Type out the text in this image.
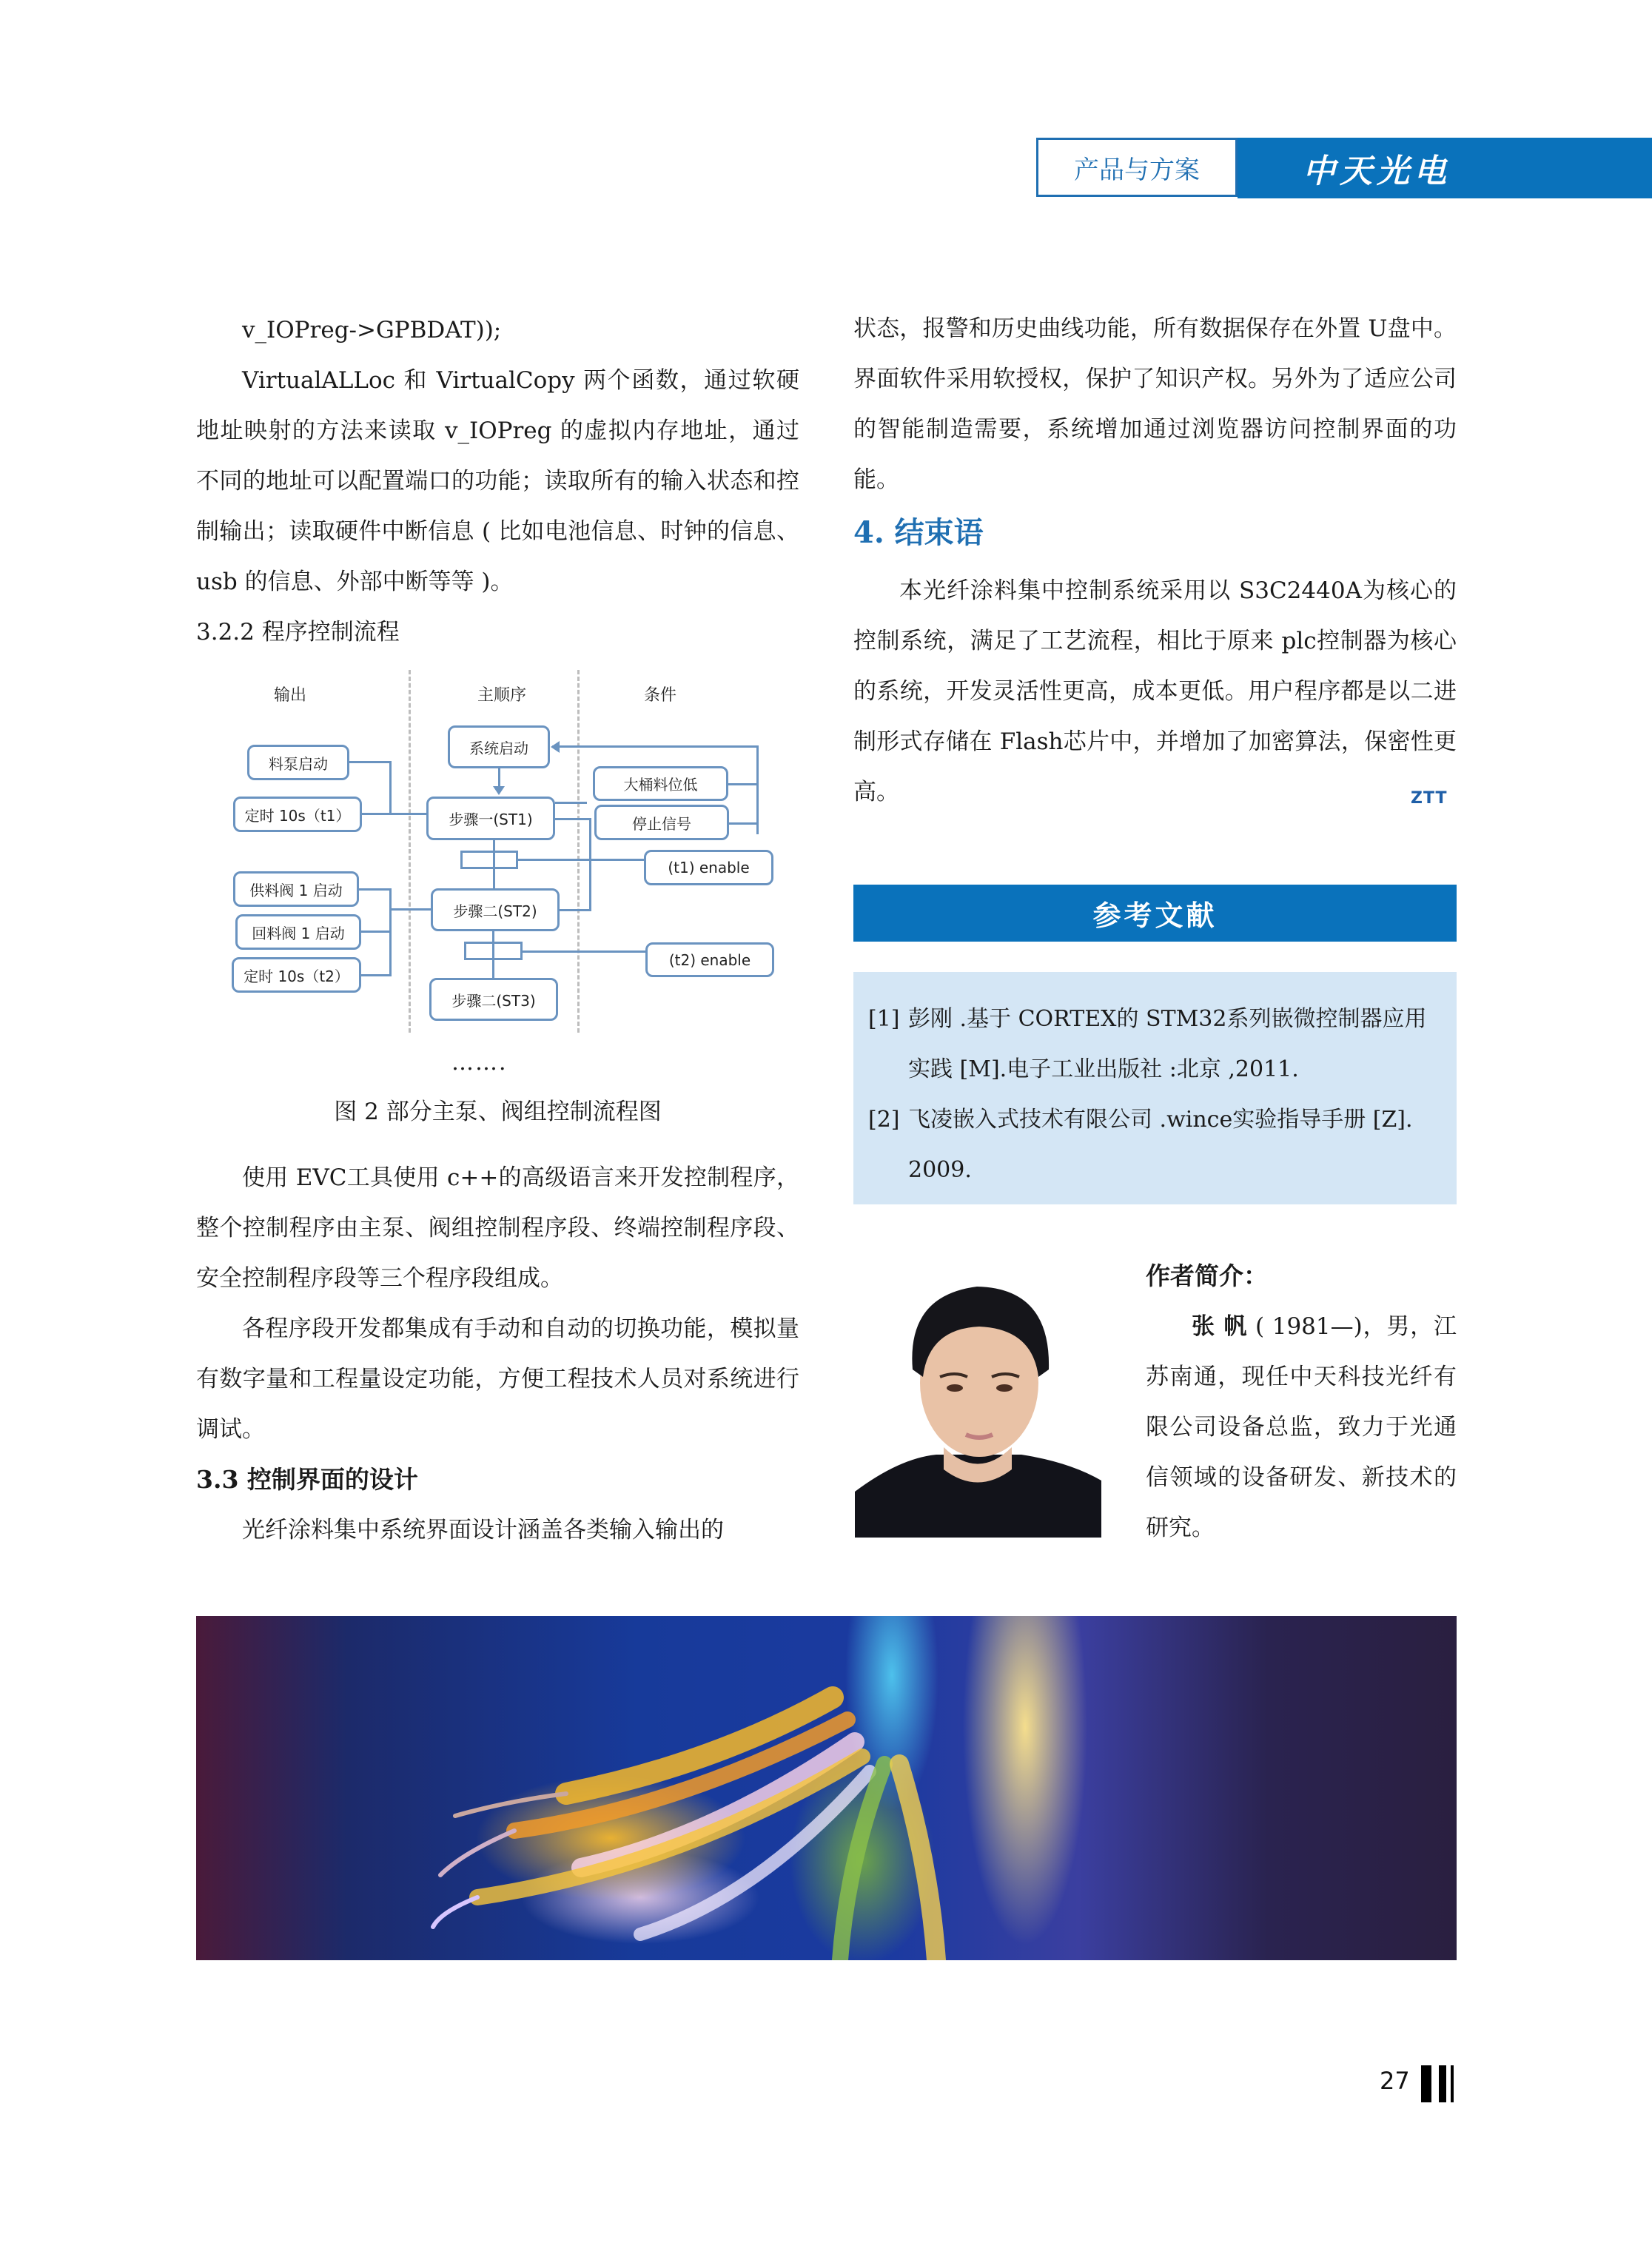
产品与方案	中天光电

v_IOPreg->GPBDAT));

VirtualALLoc 和 VirtualCopy 两个函数，通过软硬地址映射的方法来读取 v_IOPreg 的虚拟内存地址，通过不同的地址可以配置端口的功能；读取所有的输入状态和控制输出；读取硬件中断信息 ( 比如电池信息、时钟的信息、usb 的信息、外部中断等等 )。

3.2.2 程序控制流程

输出	主顺序	条件
料泵启动
定时 10s（t1）
供料阀 1 启动
回料阀 1 启动
定时 10s（t2）
系统启动
步骤一(ST1)
步骤二(ST2)
步骤二(ST3)
大桶料位低
停止信号
(t1) enable
(t2) enable
…….
图 2 部分主泵、阀组控制流程图

使用 EVC工具使用 c++的高级语言来开发控制程序，整个控制程序由主泵、阀组控制程序段、终端控制程序段、安全控制程序段等三个程序段组成。

各程序段开发都集成有手动和自动的切换功能，模拟量有数字量和工程量设定功能，方便工程技术人员对系统进行调试。

3.3 控制界面的设计

光纤涂料集中系统界面设计涵盖各类输入输出的

状态，报警和历史曲线功能，所有数据保存在外置 U盘中。界面软件采用软授权，保护了知识产权。另外为了适应公司的智能制造需要，系统增加通过浏览器访问控制界面的功能。

4. 结束语

本光纤涂料集中控制系统采用以 S3C2440A为核心的控制系统，满足了工艺流程，相比于原来 plc控制器为核心的系统，开发灵活性更高，成本更低。用户程序都是以二进制形式存储在 Flash芯片中，并增加了加密算法，保密性更高。	ZTT
参考文献
[1] 彭刚 .基于 CORTEX的 STM32系列嵌微控制器应用实践 [M].电子工业出版社 :北京 ,2011.
[2] 飞凌嵌入式技术有限公司 .wince实验指导手册 [Z]. 2009.
作者简介：
张 帆 ( 1981—)，男，江苏南通，现任中天科技光纤有限公司设备总监，致力于光通信领域的设备研发、新技术的研究。
27
